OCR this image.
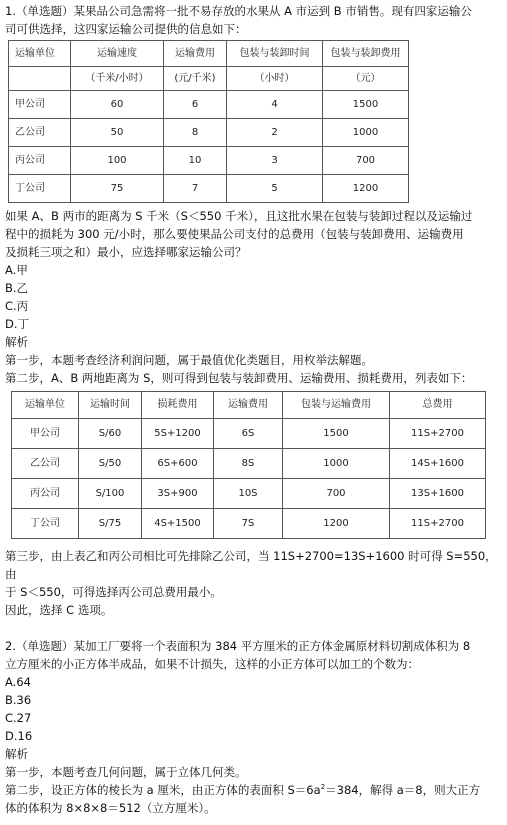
1.（单选题）某果品公司急需将一批不易存放的水果从 A 市运到 B 市销售。现有四家运输公

司可供选择，这四家运输公司提供的信息如下：

运输单位	运输速度	运输费用	包装与装卸时间	包装与装卸费用
	（千米/小时）	(元/千米)	（小时）	（元）
甲公司	60	6	4	1500
乙公司	50	8	2	1000
丙公司	100	10	3	700
丁公司	75	7	5	1200

如果 A、B 两市的距离为 S 千米（S＜550 千米），且这批水果在包装与装卸过程以及运输过

程中的损耗为 300 元/小时，那么要使果品公司支付的总费用（包装与装卸费用、运输费用

及损耗三项之和）最小，应选择哪家运输公司？

A.甲

B.乙

C.丙

D.丁

解析

第一步，本题考查经济利润问题，属于最值优化类题目，用枚举法解题。

第二步，A、B 两地距离为 S，则可得到包装与装卸费用、运输费用、损耗费用，列表如下：

运输单位	运输时间	损耗费用	运输费用	包装与运输费用	总费用
甲公司	S/60	5S+1200	6S	1500	11S+2700
乙公司	S/50	6S+600	8S	1000	14S+1600
丙公司	S/100	3S+900	10S	700	13S+1600
丁公司	S/75	4S+1500	7S	1200	11S+2700

第三步，由上表乙和丙公司相比可先排除乙公司，当 11S+2700=13S+1600 时可得 S=550，由

于 S＜550，可得选择丙公司总费用最小。

因此，选择 C 选项。

2.（单选题）某加工厂要将一个表面积为 384 平方厘米的正方体金属原材料切割成体积为 8

立方厘米的小正方体半成品，如果不计损失，这样的小正方体可以加工的个数为：

A.64

B.36

C.27

D.16

解析

第一步，本题考查几何问题，属于立体几何类。

第二步，设正方体的棱长为 a 厘米，由正方体的表面积 $S=6a^2=384$，解得 a＝8，则大正方

体的体积为 8×8×8＝512（立方厘米）。
